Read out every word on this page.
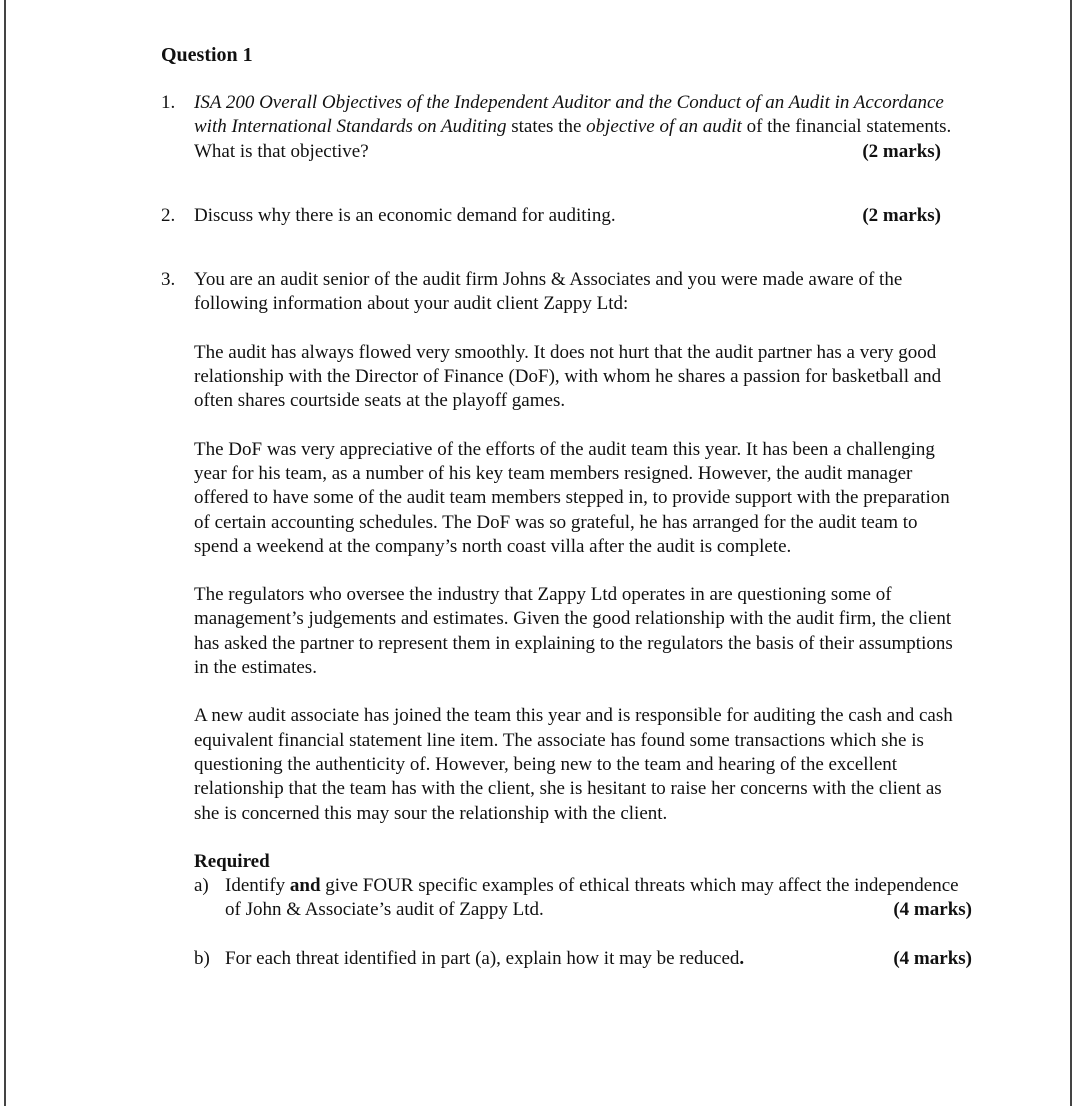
Question 1
1. ISA 200 Overall Objectives of the Independent Auditor and the Conduct of an Audit in Accordance with International Standards on Auditing states the objective of an audit of the financial statements. What is that objective?	(2 marks)
2. Discuss why there is an economic demand for auditing.	(2 marks)
3. You are an audit senior of the audit firm Johns & Associates and you were made aware of the following information about your audit client Zappy Ltd:
The audit has always flowed very smoothly. It does not hurt that the audit partner has a very good relationship with the Director of Finance (DoF), with whom he shares a passion for basketball and often shares courtside seats at the playoff games.
The DoF was very appreciative of the efforts of the audit team this year. It has been a challenging year for his team, as a number of his key team members resigned. However, the audit manager offered to have some of the audit team members stepped in, to provide support with the preparation of certain accounting schedules. The DoF was so grateful, he has arranged for the audit team to spend a weekend at the company’s north coast villa after the audit is complete.
The regulators who oversee the industry that Zappy Ltd operates in are questioning some of management’s judgements and estimates. Given the good relationship with the audit firm, the client has asked the partner to represent them in explaining to the regulators the basis of their assumptions in the estimates.
A new audit associate has joined the team this year and is responsible for auditing the cash and cash equivalent financial statement line item. The associate has found some transactions which she is questioning the authenticity of. However, being new to the team and hearing of the excellent relationship that the team has with the client, she is hesitant to raise her concerns with the client as she is concerned this may sour the relationship with the client.
Required
a) Identify and give FOUR specific examples of ethical threats which may affect the independence of John & Associate’s audit of Zappy Ltd.	(4 marks)
b) For each threat identified in part (a), explain how it may be reduced.	(4 marks)
